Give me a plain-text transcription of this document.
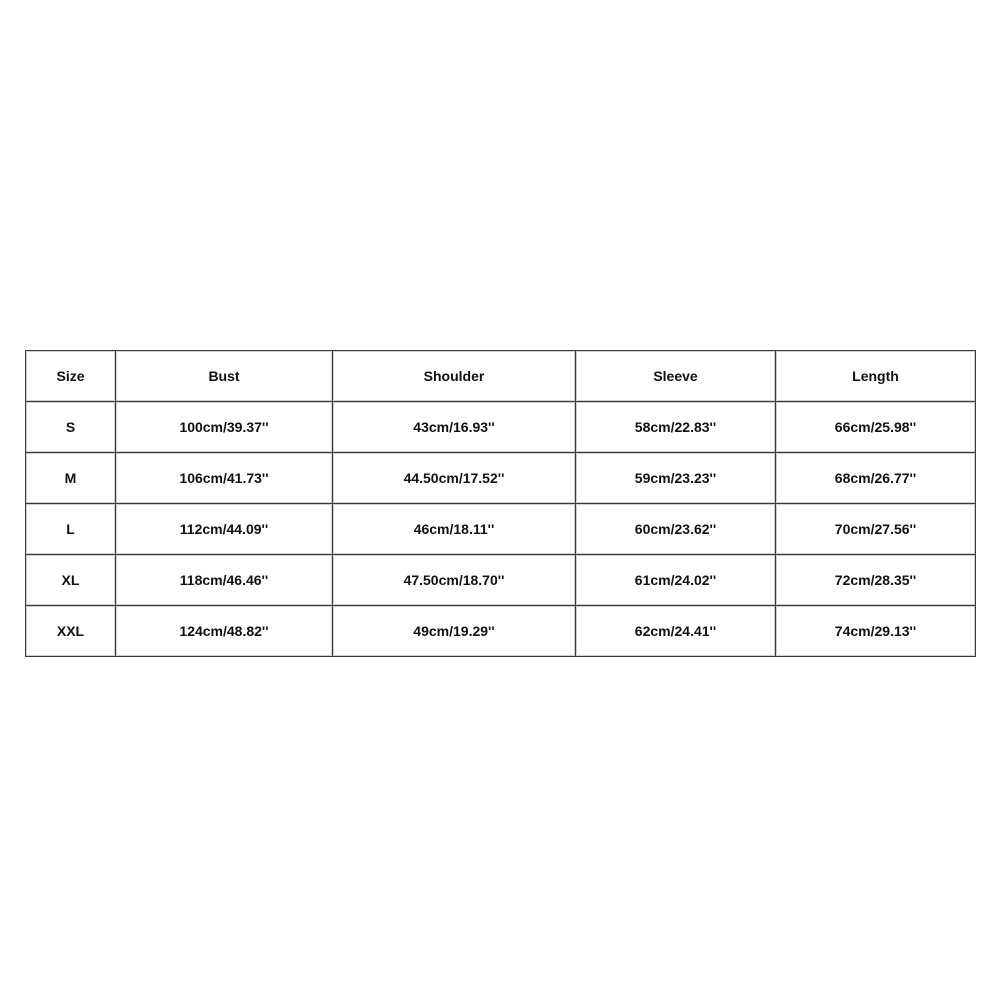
Size	Bust	Shoulder	Sleeve	Length
S	100cm/39.37''	43cm/16.93''	58cm/22.83''	66cm/25.98''
M	106cm/41.73''	44.50cm/17.52''	59cm/23.23''	68cm/26.77''
L	112cm/44.09''	46cm/18.11''	60cm/23.62''	70cm/27.56''
XL	118cm/46.46''	47.50cm/18.70''	61cm/24.02''	72cm/28.35''
XXL	124cm/48.82''	49cm/19.29''	62cm/24.41''	74cm/29.13''
